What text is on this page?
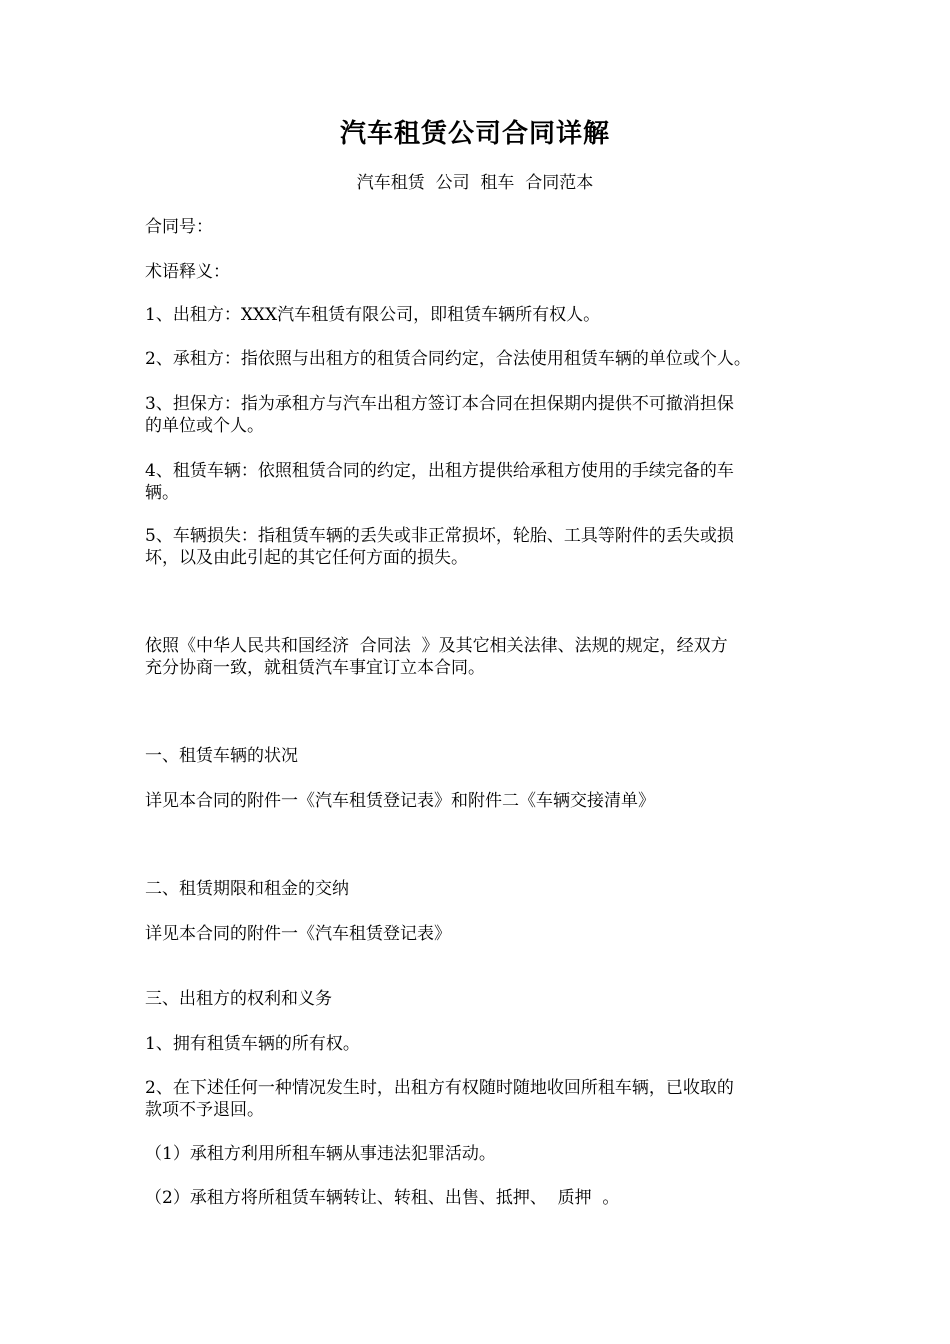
汽车租赁公司合同详解
汽车租赁  公司  租车  合同范本

合同号：

术语释义：

1、出租方：XXX汽车租赁有限公司，即租赁车辆所有权人。

2、承租方：指依照与出租方的租赁合同约定，合法使用租赁车辆的单位或个人。

3、担保方：指为承租方与汽车出租方签订本合同在担保期内提供不可撤消担保
的单位或个人。

4、租赁车辆：依照租赁合同的约定，出租方提供给承租方使用的手续完备的车
辆。

5、车辆损失：指租赁车辆的丢失或非正常损坏，轮胎、工具等附件的丢失或损
坏，以及由此引起的其它任何方面的损失。

依照《中华人民共和国经济  合同法  》及其它相关法律、法规的规定，经双方
充分协商一致，就租赁汽车事宜订立本合同。

一、租赁车辆的状况

详见本合同的附件一《汽车租赁登记表》和附件二《车辆交接清单》

二、租赁期限和租金的交纳

详见本合同的附件一《汽车租赁登记表》

三、出租方的权利和义务

1、拥有租赁车辆的所有权。

2、在下述任何一种情况发生时，出租方有权随时随地收回所租车辆，已收取的
款项不予退回。

（1）承租方利用所租车辆从事违法犯罪活动。

（2）承租方将所租赁车辆转让、转租、出售、抵押、  质押  。
